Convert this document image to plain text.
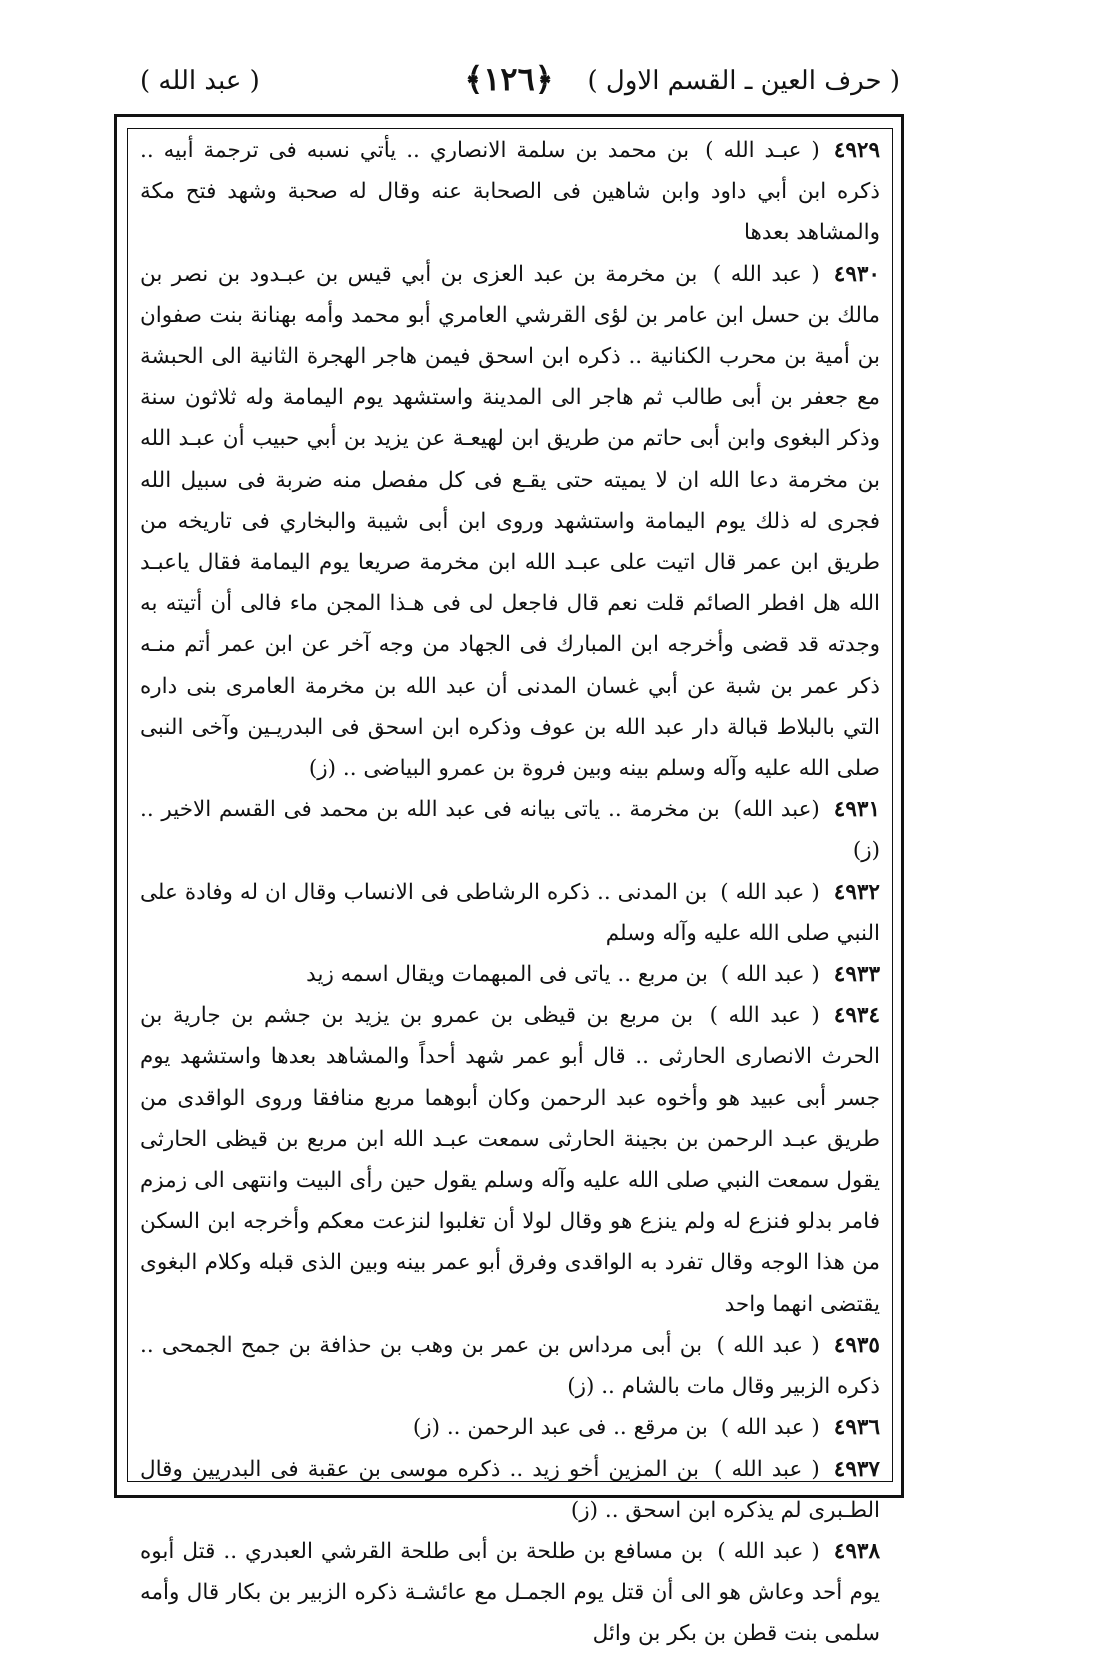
( حرف العين ـ القسم الاول )
﴿١٢٦﴾
( عبد الله )

٤٩٢٩( عبـد الله ) بن محمد بن سلمة الانصاري .. يأتي نسبه فى ترجمة أبيه .. ذكره ابن أبي داود وابن شاهين فى الصحابة عنه وقال له صحبة وشهد فتح مكة والمشاهد بعدها

٤٩٣٠( عبد الله ) بن مخرمة بن عبد العزى بن أبي قيس بن عبـدود بن نصر بن مالك بن حسل ابن عامر بن لؤى القرشي العامري أبو محمد وأمه بهنانة بنت صفوان بن أمية بن محرب الكنانية .. ذكره ابن اسحق فيمن هاجر الهجرة الثانية الى الحبشة مع جعفر بن أبى طالب ثم هاجر الى المدينة واستشهد يوم اليمامة وله ثلاثون سنة وذكر البغوى وابن أبى حاتم من طريق ابن لهيعـة عن يزيد بن أبي حبيب أن عبـد الله بن مخرمة دعا الله ان لا يميته حتى يقـع فى كل مفصل منه ضربة فى سبيل الله فجرى له ذلك يوم اليمامة واستشهد وروى ابن أبى شيبة والبخاري فى تاريخه من طريق ابن عمر قال اتيت على عبـد الله ابن مخرمة صريعا يوم اليمامة فقال ياعبـد الله هل افطر الصائم قلت نعم قال فاجعل لى فى هـذا المجن ماء فالى أن أتيته به وجدته قد قضى وأخرجه ابن المبارك فى الجهاد من وجه آخر عن ابن عمر أتم منـه ذكر عمر بن شبة عن أبي غسان المدنى أن عبد الله بن مخرمة العامرى بنى داره التي بالبلاط قبالة دار عبد الله بن عوف وذكره ابن اسحق فى البدريـين وآخى النبى صلى الله عليه وآله وسلم بينه وبين فروة بن عمرو البياضى .. (ز)

٤٩٣١(عبد الله) بن مخرمة .. ياتى بيانه فى عبد الله بن محمد فى القسم الاخير .. (ز)

٤٩٣٢( عبد الله ) بن المدنى .. ذكره الرشاطى فى الانساب وقال ان له وفادة على النبي صلى الله عليه وآله وسلم

٤٩٣٣( عبد الله ) بن مربع .. ياتى فى المبهمات ويقال اسمه زيد

٤٩٣٤( عبد الله ) بن مربع بن قيظى بن عمرو بن يزيد بن جشم بن جارية بن الحرث الانصارى الحارثى .. قال أبو عمر شهد أحداً والمشاهد بعدها واستشهد يوم جسر أبى عبيد هو وأخوه عبد الرحمن وكان أبوهما مربع منافقا وروى الواقدى من طريق عبـد الرحمن بن بجينة الحارثى سمعت عبـد الله ابن مربع بن قيظى الحارثى يقول سمعت النبي صلى الله عليه وآله وسلم يقول حين رأى البيت وانتهى الى زمزم فامر بدلو فنزع له ولم ينزع هو وقال لولا أن تغلبوا لنزعت معكم وأخرجه ابن السكن من هذا الوجه وقال تفرد به الواقدى وفرق أبو عمر بينه وبين الذى قبله وكلام البغوى يقتضى انهما واحد

٤٩٣٥( عبد الله ) بن أبى مرداس بن عمر بن وهب بن حذافة بن جمح الجمحى .. ذكره الزبير وقال مات بالشام .. (ز)

٤٩٣٦( عبد الله ) بن مرقع .. فى عبد الرحمن .. (ز)

٤٩٣٧( عبد الله ) بن المزين أخو زيد .. ذكره موسى بن عقبة فى البدريين وقال الطـبرى لم يذكره ابن اسحق .. (ز)

٤٩٣٨( عبد الله ) بن مسافع بن طلحة بن أبى طلحة القرشي العبدري .. قتل أبوه يوم أحد وعاش هو الى أن قتل يوم الجمـل مع عائشـة ذكره الزبير بن بكار قال وأمه سلمى بنت قطن بن بكر بن وائل
